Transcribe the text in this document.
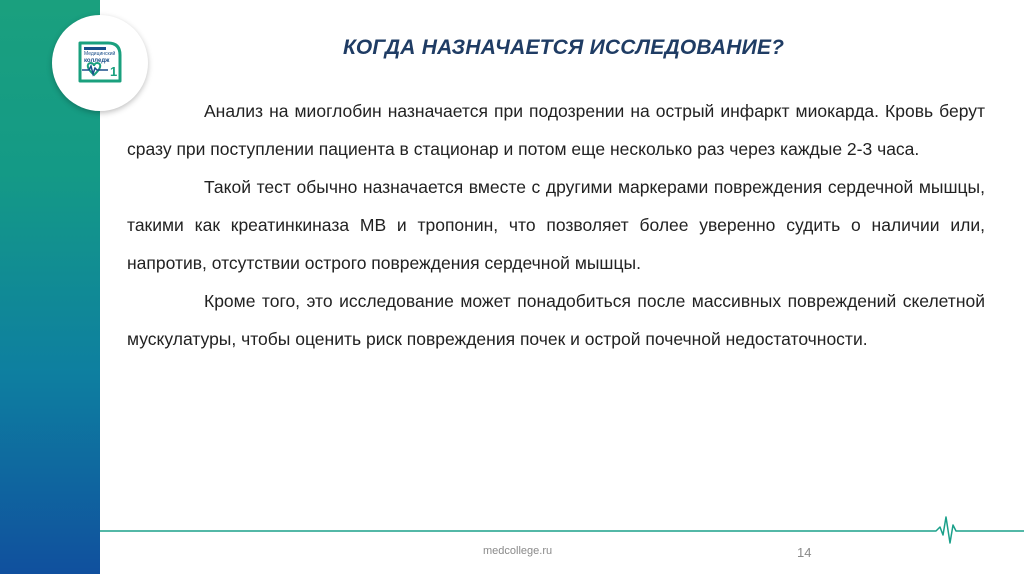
Медицинский
колледж
1
КОГДА НАЗНАЧАЕТСЯ ИССЛЕДОВАНИЕ?

Анализ на миоглобин назначается при подозрении на острый инфаркт миокарда. Кровь берут сразу при поступлении пациента в стационар и потом еще несколько раз через каждые 2-3 часа.

Такой тест обычно назначается вместе с другими маркерами повреждения сердечной мышцы, такими как креатинкиназа МВ и тропонин, что позволяет более уверенно судить о наличии или, напротив, отсутствии острого повреждения сердечной мышцы.

Кроме того, это исследование может понадобиться после массивных повреждений скелетной мускулатуры, чтобы оценить риск повреждения почек и острой почечной недостаточности.

medcollege.ru	14
